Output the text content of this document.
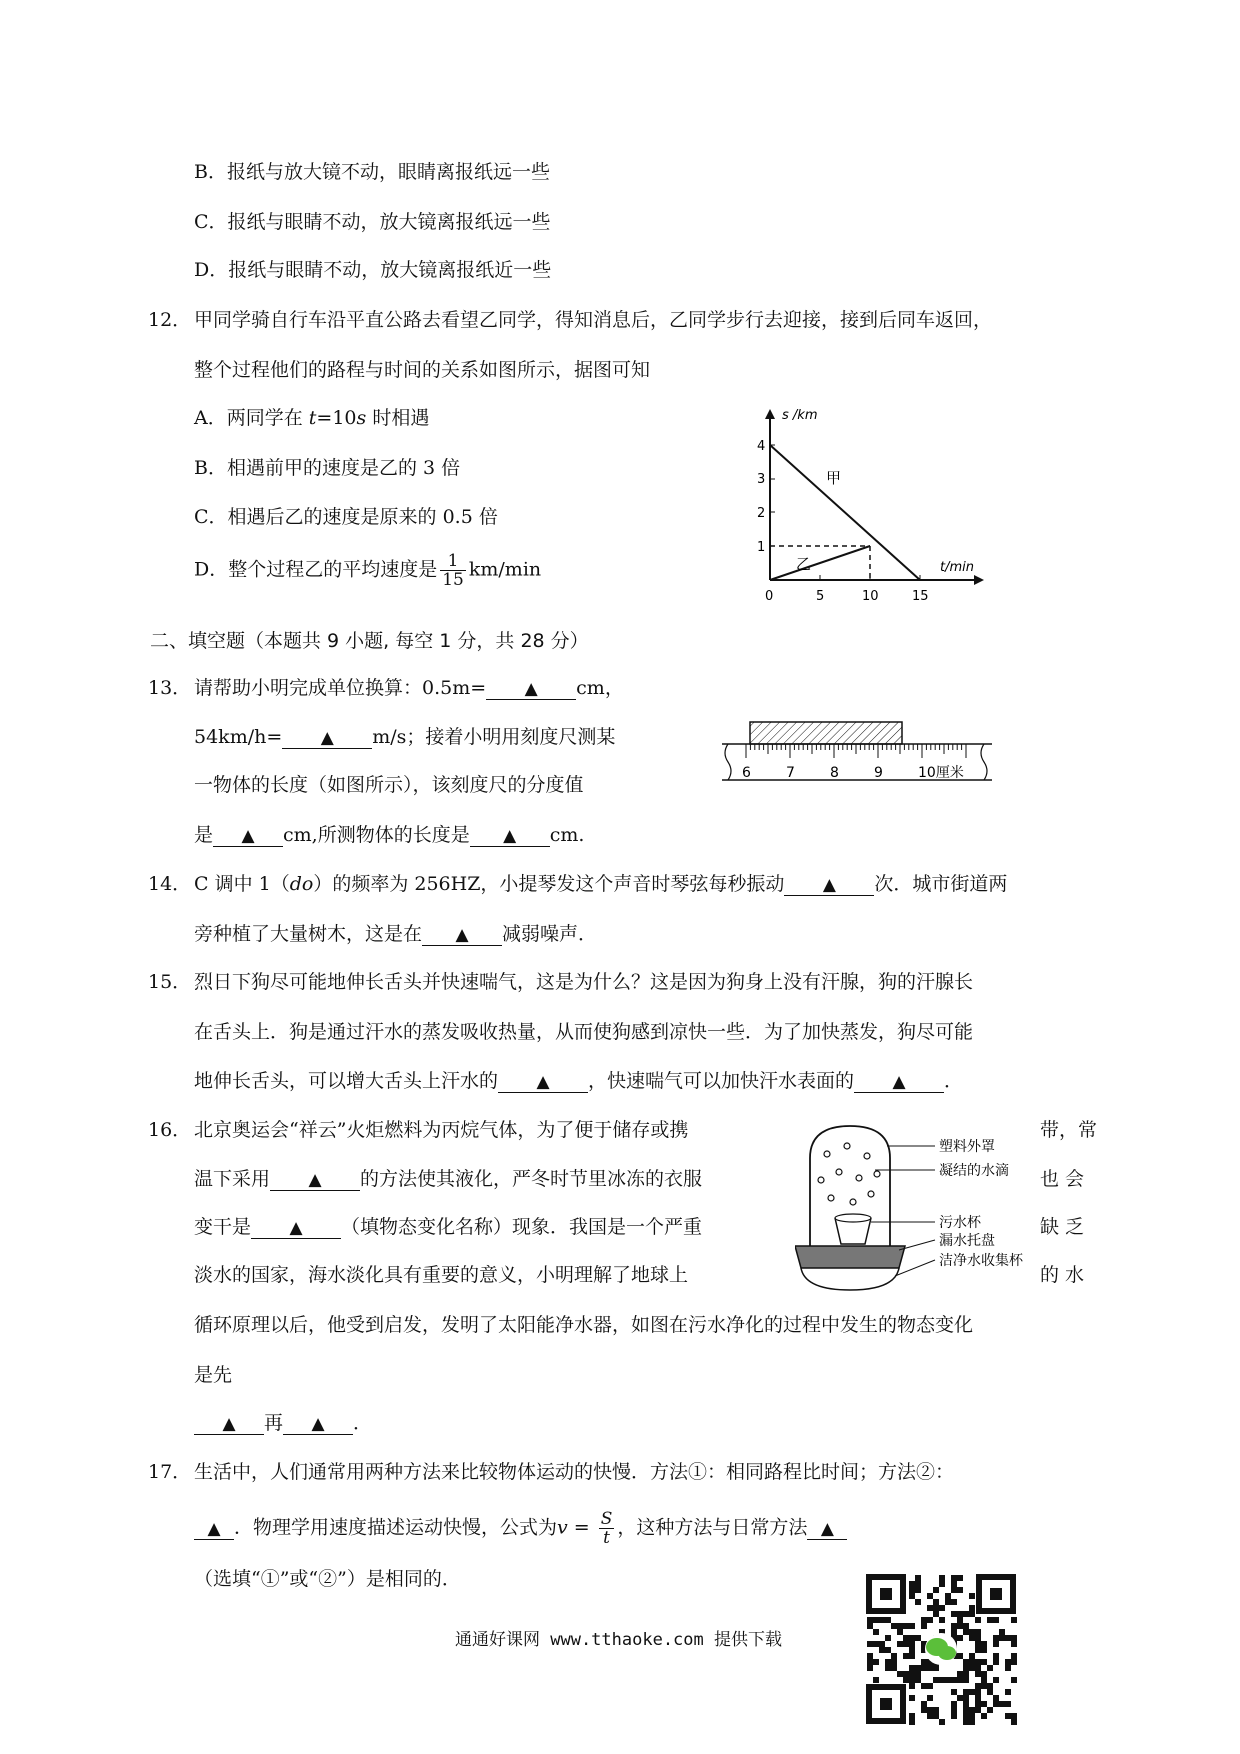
B．报纸与放大镜不动，眼睛离报纸远一些
C．报纸与眼睛不动，放大镜离报纸远一些
D．报纸与眼睛不动，放大镜离报纸近一些
12． 甲同学骑自行车沿平直公路去看望乙同学，得知消息后，乙同学步行去迎接，接到后同车返回，
整个过程他们的路程与时间的关系如图所示，据图可知
A．两同学在 t=10s 时相遇
B．相遇前甲的速度是乙的 3 倍
C．相遇后乙的速度是原来的 0.5 倍
D．整个过程乙的平均速度是 $\frac{1}{15} km/\min$
s /km
t/min
4
3
2
1
0	5	10	15
甲
乙
二、填空题（本题共 9 小题, 每空 1 分，共 28 分）
13． 请帮助小明完成单位换算：0.5m= ▲ cm，
54km/h= ▲ m/s；接着小明用刻度尺测某
一物体的长度（如图所示），该刻度尺的分度值
是 ▲ cm,所测物体的长度是 ▲ cm.
6	7	8	9	10厘米
14． C 调中 1（do）的频率为 256HZ，小提琴发这个声音时琴弦每秒振动 ▲ 次．城市街道两
旁种植了大量树木，这是在 ▲ 减弱噪声．
15． 烈日下狗尽可能地伸长舌头并快速喘气，这是为什么？这是因为狗身上没有汗腺，狗的汗腺长
在舌头上．狗是通过汗水的蒸发吸收热量，从而使狗感到凉快一些．为了加快蒸发，狗尽可能
地伸长舌头，可以增大舌头上汗水的 ▲ ，快速喘气可以加快汗水表面的 ▲ ．
16． 北京奥运会“祥云”火炬燃料为丙烷气体，为了便于储存或携	带，常
温下采用 ▲ 的方法使其液化，严冬时节里冰冻的衣服	也 会
变干是 ▲ （填物态变化名称）现象．我国是一个严重	缺 乏
淡水的国家，海水淡化具有重要的意义，小明理解了地球上	的 水
循环原理以后，他受到启发，发明了太阳能净水器，如图在污水净化的过程中发生的物态变化
是先
▲ 再 ▲ ．
塑料外罩
凝结的水滴
污水杯
漏水托盘
洁净水收集杯
17． 生活中，人们通常用两种方法来比较物体运动的快慢．方法①：相同路程比时间；方法②：
▲ ．物理学用速度描述运动快慢，公式为$v = \frac{S}{t}$ ，这种方法与日常方法 ▲
（选填“①”或“②”）是相同的．
通通好课网 www.tthaoke.com 提供下载
